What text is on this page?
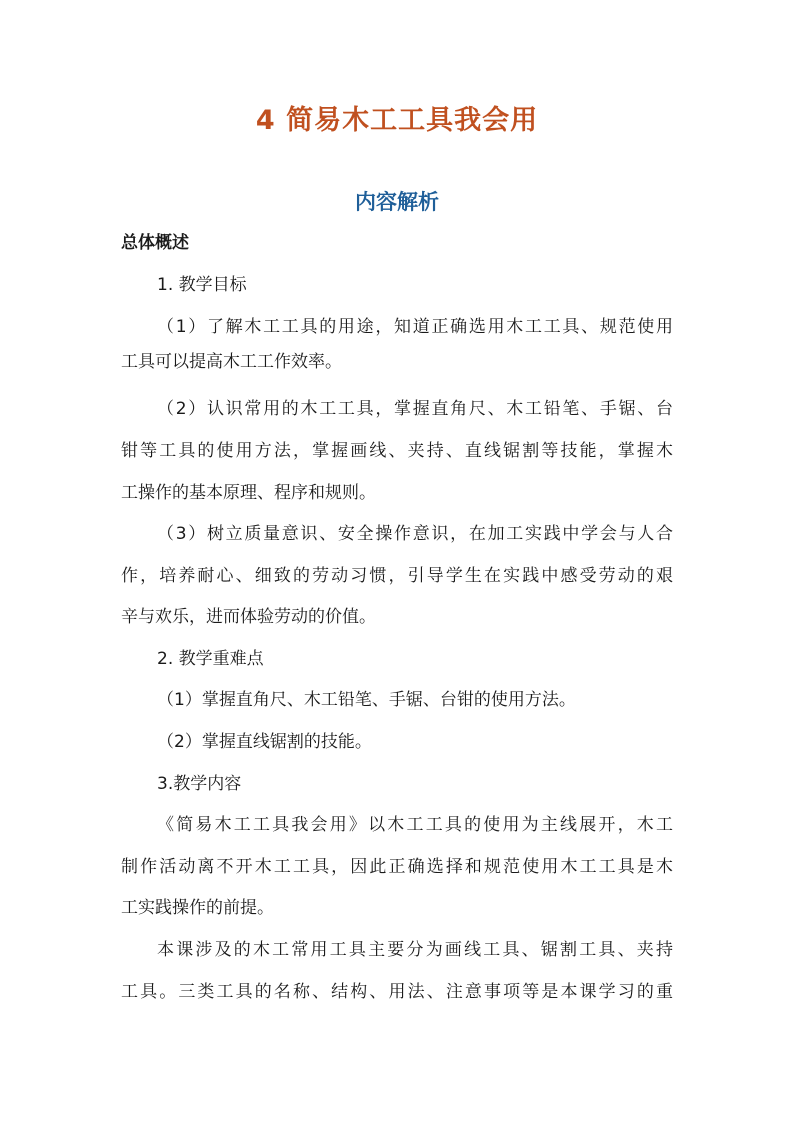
4 简易木工工具我会用
内容解析
总体概述
1. 教学目标
（1）了解木工工具的用途，知道正确选用木工工具、规范使用
工具可以提高木工工作效率。
（2）认识常用的木工工具，掌握直角尺、木工铅笔、手锯、台
钳等工具的使用方法，掌握画线、夹持、直线锯割等技能，掌握木
工操作的基本原理、程序和规则。
（3）树立质量意识、安全操作意识，在加工实践中学会与人合
作，培养耐心、细致的劳动习惯，引导学生在实践中感受劳动的艰
辛与欢乐，进而体验劳动的价值。
2. 教学重难点
（1）掌握直角尺、木工铅笔、手锯、台钳的使用方法。
（2）掌握直线锯割的技能。
3.教学内容
《简易木工工具我会用》以木工工具的使用为主线展开，木工
制作活动离不开木工工具，因此正确选择和规范使用木工工具是木
工实践操作的前提。
本课涉及的木工常用工具主要分为画线工具、锯割工具、夹持
工具。三类工具的名称、结构、用法、注意事项等是本课学习的重
